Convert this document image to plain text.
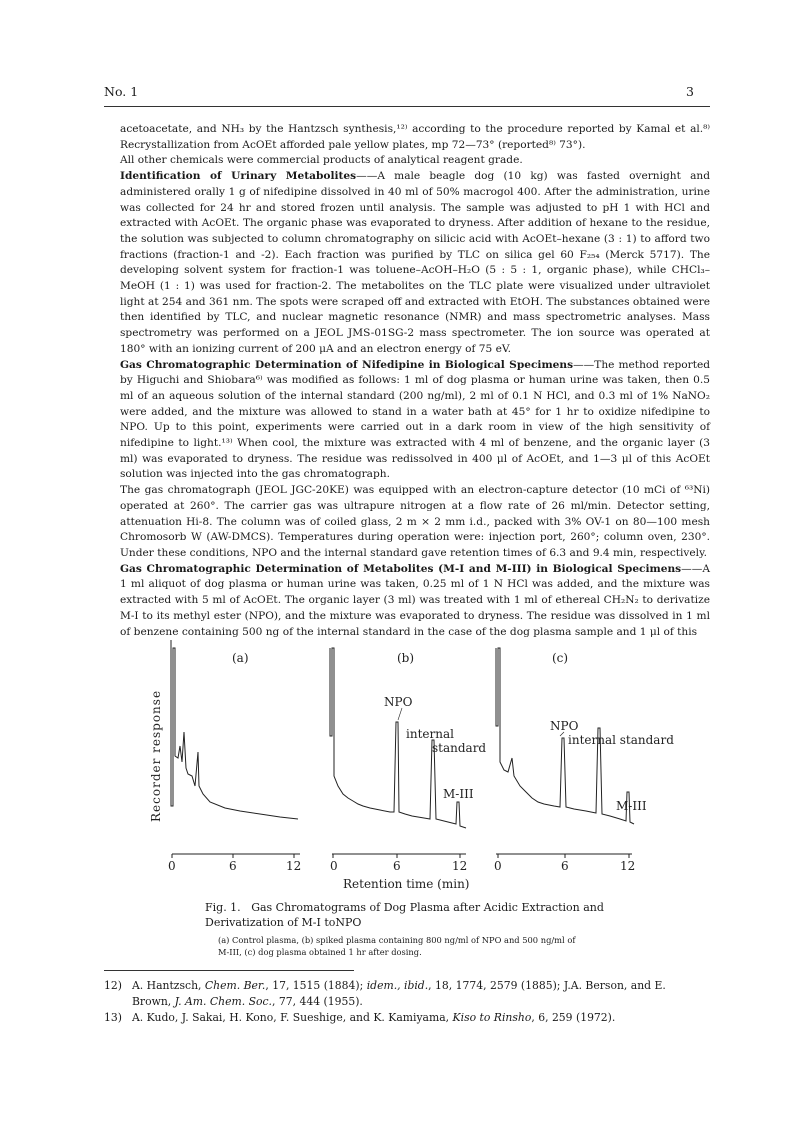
No. 1	3

acetoacetate, and NH₃ by the Hantzsch synthesis,¹²⁾ according to the procedure reported by Kamal et al.⁸⁾ Recrystallization from AcOEt afforded pale yellow plates, mp 72—73° (reported⁸⁾ 73°).

All other chemicals were commercial products of analytical reagent grade.

Identification of Urinary Metabolites——A male beagle dog (10 kg) was fasted overnight and administered orally 1 g of nifedipine dissolved in 40 ml of 50% macrogol 400. After the administration, urine was collected for 24 hr and stored frozen until analysis. The sample was adjusted to pH 1 with HCl and extracted with AcOEt. The organic phase was evaporated to dryness. After addition of hexane to the residue, the solution was subjected to column chromatography on silicic acid with AcOEt–hexane (3 : 1) to afford two fractions (fraction-1 and -2). Each fraction was purified by TLC on silica gel 60 F₂₅₄ (Merck 5717). The developing solvent system for fraction-1 was toluene–AcOH–H₂O (5 : 5 : 1, organic phase), while CHCl₃–MeOH (1 : 1) was used for fraction-2. The metabolites on the TLC plate were visualized under ultraviolet light at 254 and 361 nm. The spots were scraped off and extracted with EtOH. The substances obtained were then identified by TLC, and nuclear magnetic resonance (NMR) and mass spectrometric analyses. Mass spectrometry was performed on a JEOL JMS-01SG-2 mass spectrometer. The ion source was operated at 180° with an ionizing current of 200 μA and an electron energy of 75 eV.

Gas Chromatographic Determination of Nifedipine in Biological Specimens——The method reported by Higuchi and Shiobara⁶⁾ was modified as follows: 1 ml of dog plasma or human urine was taken, then 0.5 ml of an aqueous solution of the internal standard (200 ng/ml), 2 ml of 0.1 N HCl, and 0.3 ml of 1% NaNO₂ were added, and the mixture was allowed to stand in a water bath at 45° for 1 hr to oxidize nifedipine to NPO. Up to this point, experiments were carried out in a dark room in view of the high sensitivity of nifedipine to light.¹³⁾ When cool, the mixture was extracted with 4 ml of benzene, and the organic layer (3 ml) was evaporated to dryness. The residue was redissolved in 400 μl of AcOEt, and 1—3 μl of this AcOEt solution was injected into the gas chromatograph.

The gas chromatograph (JEOL JGC-20KE) was equipped with an electron-capture detector (10 mCi of ⁶³Ni) operated at 260°. The carrier gas was ultrapure nitrogen at a flow rate of 26 ml/min. Detector setting, attenuation Hi-8. The column was of coiled glass, 2 m × 2 mm i.d., packed with 3% OV-1 on 80—100 mesh Chromosorb W (AW-DMCS). Temperatures during operation were: injection port, 260°; column oven, 230°. Under these conditions, NPO and the internal standard gave retention times of 6.3 and 9.4 min, respectively.

Gas Chromatographic Determination of Metabolites (M-I and M-III) in Biological Specimens——A 1 ml aliquot of dog plasma or human urine was taken, 0.25 ml of 1 N HCl was added, and the mixture was extracted with 5 ml of AcOEt. The organic layer (3 ml) was treated with 1 ml of ethereal CH₂N₂ to derivatize M-I to its methyl ester (NPO), and the mixture was evaporated to dryness. The residue was dissolved in 1 ml of benzene containing 500 ng of the internal standard in the case of the dog plasma sample and 1 μl of this

Recorder response
(a)
0	6	12
(b)
NPO
internal
standard
M-III
0	6	12
(c)
NPO
internal standard
M-III
0	6	12
Retention time (min)
Fig. 1. Gas Chromatograms of Dog Plasma after Acidic Extraction and
Derivatization of M-I toNPO
(a) Control plasma, (b) spiked plasma containing 800 ng/ml of NPO and 500 ng/ml of
M-III, (c) dog plasma obtained 1 hr after dosing.

12) A. Hantzsch, Chem. Ber., 17, 1515 (1884); idem., ibid., 18, 1774, 2579 (1885); J.A. Berson, and E.
Brown, J. Am. Chem. Soc., 77, 444 (1955).

13) A. Kudo, J. Sakai, H. Kono, F. Sueshige, and K. Kamiyama, Kiso to Rinsho, 6, 259 (1972).
